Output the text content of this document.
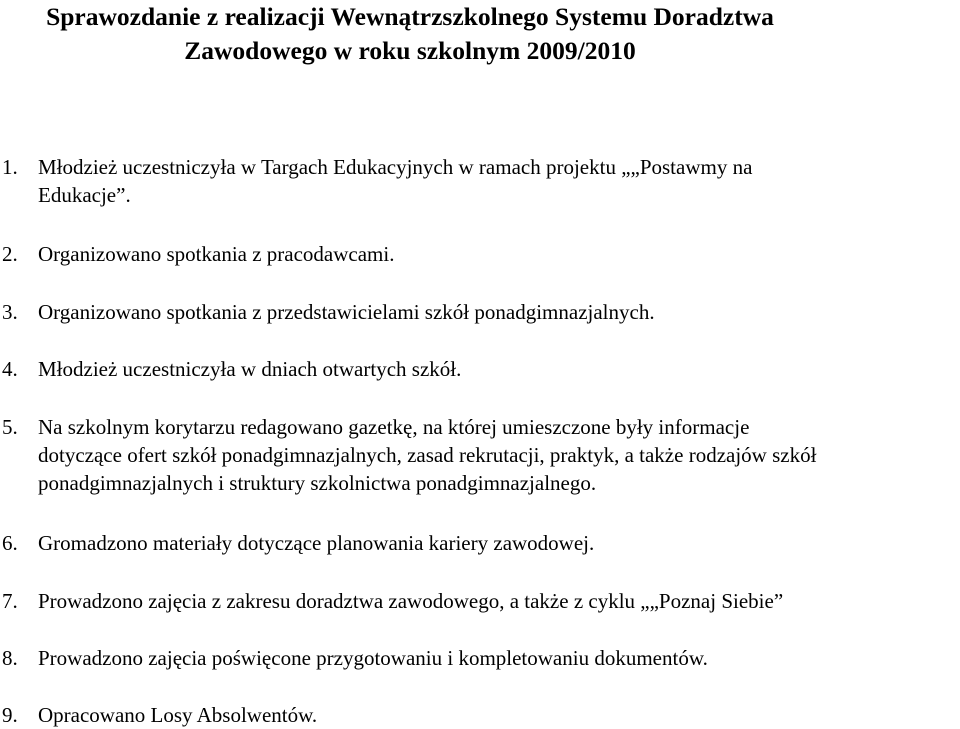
Sprawozdanie z realizacji Wewnątrzszkolnego Systemu Doradztwa
Zawodowego w roku szkolnym 2009/2010
1. Młodzież uczestniczyła w Targach Edukacyjnych w ramach projektu „„Postawmy na
Edukacje”.
2. Organizowano spotkania z pracodawcami.
3. Organizowano spotkania z przedstawicielami szkół ponadgimnazjalnych.
4. Młodzież uczestniczyła w dniach otwartych szkół.
5. Na szkolnym korytarzu redagowano gazetkę, na której umieszczone były informacje
dotyczące ofert szkół ponadgimnazjalnych, zasad rekrutacji, praktyk, a także rodzajów szkół
ponadgimnazjalnych i struktury szkolnictwa ponadgimnazjalnego.
6. Gromadzono materiały dotyczące planowania kariery zawodowej.
7. Prowadzono zajęcia z zakresu doradztwa zawodowego, a także z cyklu „„Poznaj Siebie”
8. Prowadzono zajęcia poświęcone przygotowaniu i kompletowaniu dokumentów.
9. Opracowano Losy Absolwentów.
